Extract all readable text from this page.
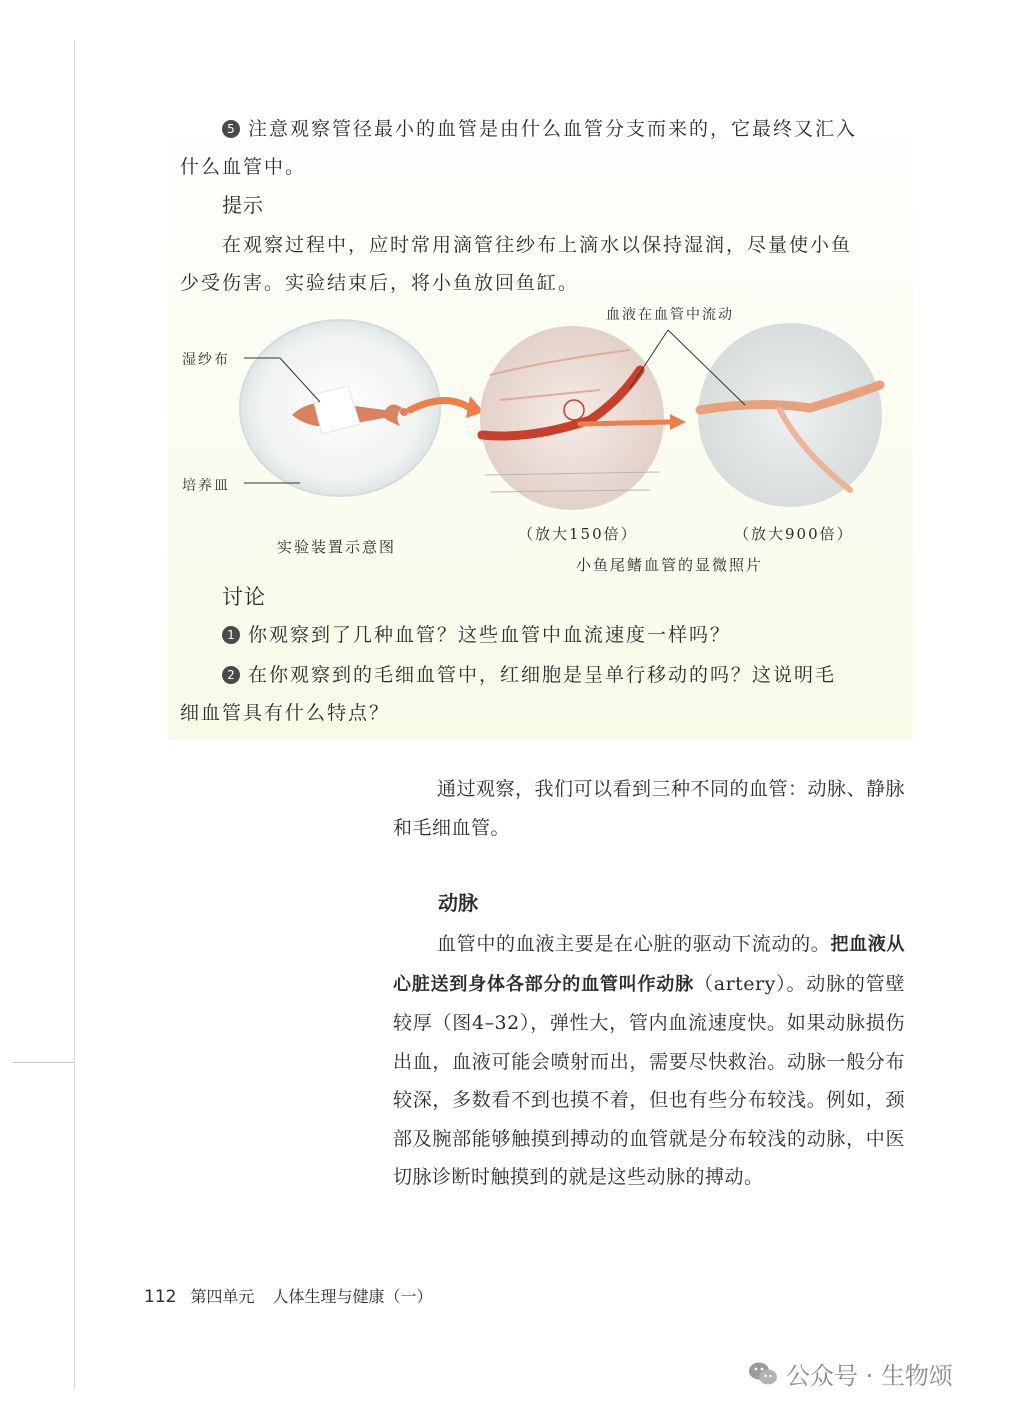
5 注意观察管径最小的血管是由什么血管分支而来的，它最终又汇入
什么血管中。
提示
在观察过程中，应时常用滴管往纱布上滴水以保持湿润，尽量使小鱼
少受伤害。实验结束后，将小鱼放回鱼缸。
湿纱布
培养皿
实验装置示意图
血液在血管中流动
（放大150倍）	（放大900倍）
小鱼尾鳍血管的显微照片
讨论
1 你观察到了几种血管？这些血管中血流速度一样吗？
2 在你观察到的毛细血管中，红细胞是呈单行移动的吗？这说明毛
细血管具有什么特点？

通过观察，我们可以看到三种不同的血管：动脉、静脉和毛细血管。

动脉

血管中的血液主要是在心脏的驱动下流动的。把血液从心脏送到身体各部分的血管叫作动脉（artery）。动脉的管壁较厚（图4–32），弹性大，管内血流速度快。如果动脉损伤出血，血液可能会喷射而出，需要尽快救治。动脉一般分布较深，多数看不到也摸不着，但也有些分布较浅。例如，颈部及腕部能够触摸到搏动的血管就是分布较浅的动脉，中医切脉诊断时触摸到的就是这些动脉的搏动。

112 第四单元 人体生理与健康（一）
公众号 · 生物颂
